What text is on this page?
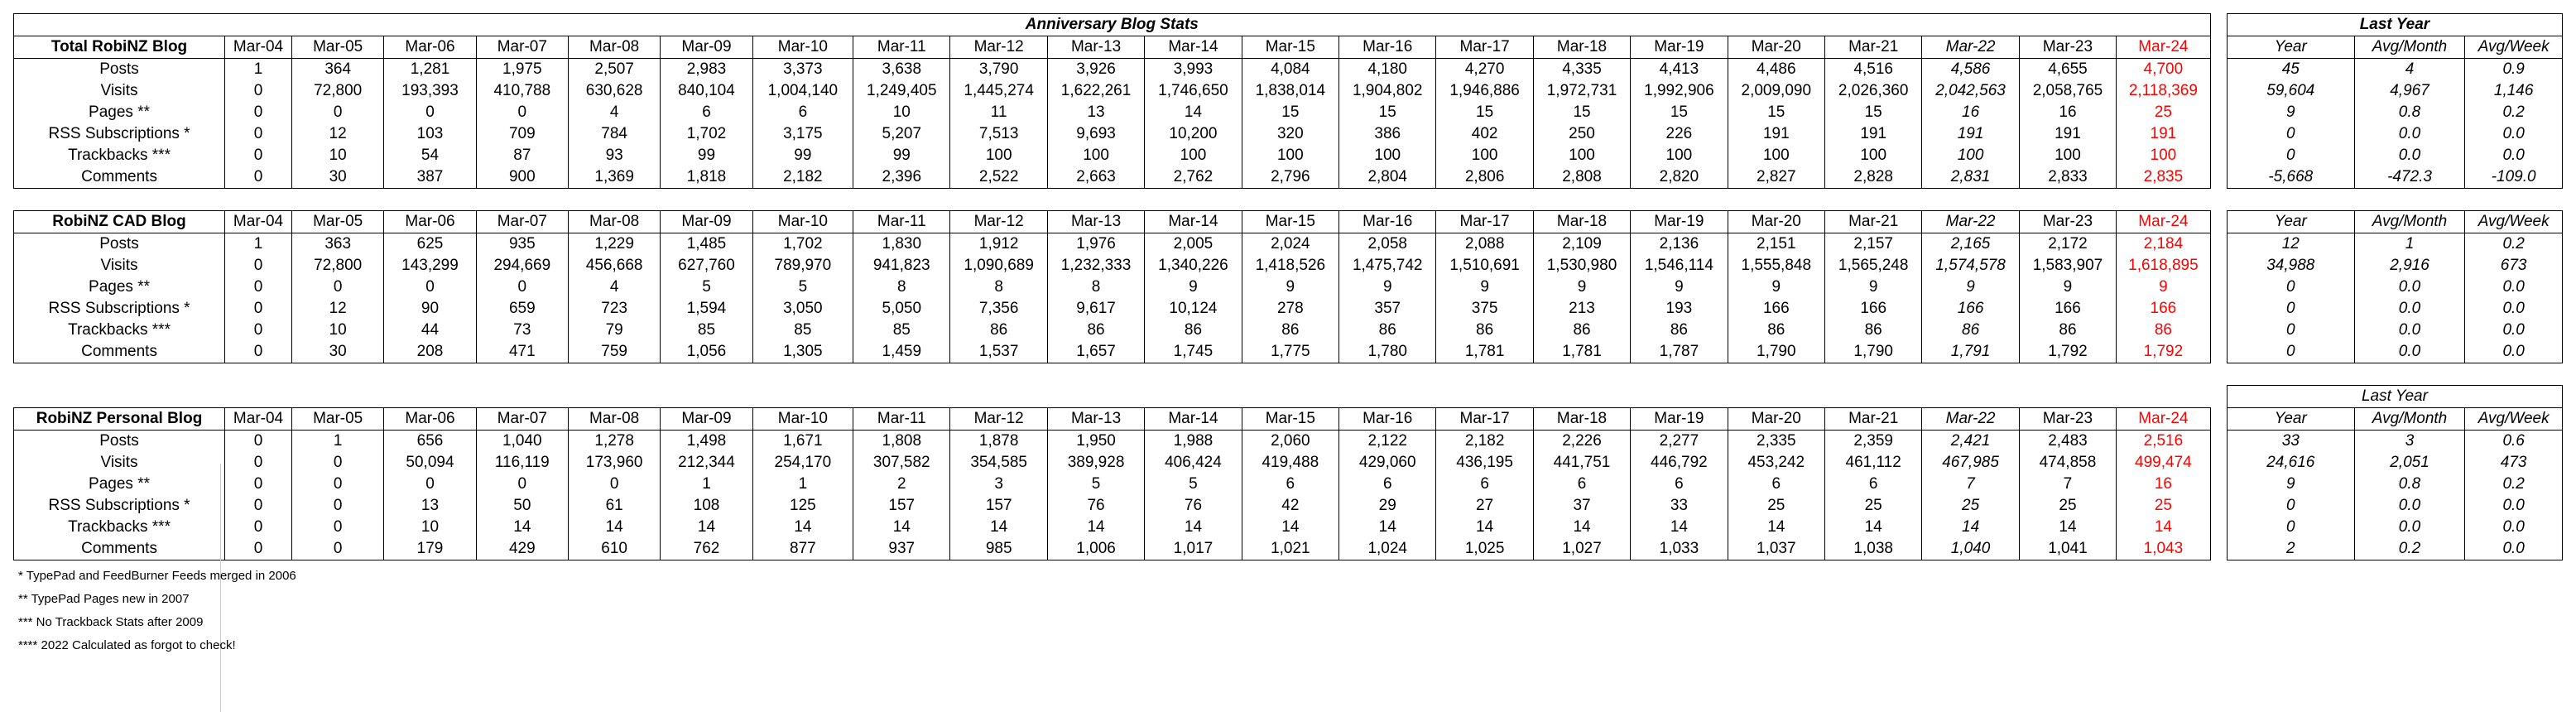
Anniversary Blog Stats																							Last Year		
Total RobiNZ Blog	Mar-04	Mar-05	Mar-06	Mar-07	Mar-08	Mar-09	Mar-10	Mar-11	Mar-12	Mar-13	Mar-14	Mar-15	Mar-16	Mar-17	Mar-18	Mar-19	Mar-20	Mar-21	Mar-22	Mar-23	Mar-24		Year	Avg/Month	Avg/Week
Posts	1	364	1,281	1,975	2,507	2,983	3,373	3,638	3,790	3,926	3,993	4,084	4,180	4,270	4,335	4,413	4,486	4,516	4,586	4,655	4,700		45	4	0.9
Visits	0	72,800	193,393	410,788	630,628	840,104	1,004,140	1,249,405	1,445,274	1,622,261	1,746,650	1,838,014	1,904,802	1,946,886	1,972,731	1,992,906	2,009,090	2,026,360	2,042,563	2,058,765	2,118,369		59,604	4,967	1,146
Pages **	0	0	0	0	4	6	6	10	11	13	14	15	15	15	15	15	15	15	16	16	25		9	0.8	0.2
RSS Subscriptions *	0	12	103	709	784	1,702	3,175	5,207	7,513	9,693	10,200	320	386	402	250	226	191	191	191	191	191		0	0.0	0.0
Trackbacks ***	0	10	54	87	93	99	99	99	100	100	100	100	100	100	100	100	100	100	100	100	100		0	0.0	0.0
Comments	0	30	387	900	1,369	1,818	2,182	2,396	2,522	2,663	2,762	2,796	2,804	2,806	2,808	2,820	2,827	2,828	2,831	2,833	2,835		-5,668	-472.3	-109.0

RobiNZ CAD Blog	Mar-04	Mar-05	Mar-06	Mar-07	Mar-08	Mar-09	Mar-10	Mar-11	Mar-12	Mar-13	Mar-14	Mar-15	Mar-16	Mar-17	Mar-18	Mar-19	Mar-20	Mar-21	Mar-22	Mar-23	Mar-24		Year	Avg/Month	Avg/Week
Posts	1	363	625	935	1,229	1,485	1,702	1,830	1,912	1,976	2,005	2,024	2,058	2,088	2,109	2,136	2,151	2,157	2,165	2,172	2,184		12	1	0.2
Visits	0	72,800	143,299	294,669	456,668	627,760	789,970	941,823	1,090,689	1,232,333	1,340,226	1,418,526	1,475,742	1,510,691	1,530,980	1,546,114	1,555,848	1,565,248	1,574,578	1,583,907	1,618,895		34,988	2,916	673
Pages **	0	0	0	0	4	5	5	8	8	8	9	9	9	9	9	9	9	9	9	9	9		0	0.0	0.0
RSS Subscriptions *	0	12	90	659	723	1,594	3,050	5,050	7,356	9,617	10,124	278	357	375	213	193	166	166	166	166	166		0	0.0	0.0
Trackbacks ***	0	10	44	73	79	85	85	85	86	86	86	86	86	86	86	86	86	86	86	86	86		0	0.0	0.0
Comments	0	30	208	471	759	1,056	1,305	1,459	1,537	1,657	1,745	1,775	1,780	1,781	1,781	1,787	1,790	1,790	1,791	1,792	1,792		0	0.0	0.0

																							Last Year		
RobiNZ Personal Blog	Mar-04	Mar-05	Mar-06	Mar-07	Mar-08	Mar-09	Mar-10	Mar-11	Mar-12	Mar-13	Mar-14	Mar-15	Mar-16	Mar-17	Mar-18	Mar-19	Mar-20	Mar-21	Mar-22	Mar-23	Mar-24		Year	Avg/Month	Avg/Week
Posts	0	1	656	1,040	1,278	1,498	1,671	1,808	1,878	1,950	1,988	2,060	2,122	2,182	2,226	2,277	2,335	2,359	2,421	2,483	2,516		33	3	0.6
Visits	0	0	50,094	116,119	173,960	212,344	254,170	307,582	354,585	389,928	406,424	419,488	429,060	436,195	441,751	446,792	453,242	461,112	467,985	474,858	499,474		24,616	2,051	473
Pages **	0	0	0	0	0	1	1	2	3	5	5	6	6	6	6	6	6	6	7	7	16		9	0.8	0.2
RSS Subscriptions *	0	0	13	50	61	108	125	157	157	76	76	42	29	27	37	33	25	25	25	25	25		0	0.0	0.0
Trackbacks ***	0	0	10	14	14	14	14	14	14	14	14	14	14	14	14	14	14	14	14	14	14		0	0.0	0.0
Comments	0	0	179	429	610	762	877	937	985	1,006	1,017	1,021	1,024	1,025	1,027	1,033	1,037	1,038	1,040	1,041	1,043		2	0.2	0.0
* TypePad and FeedBurner Feeds merged in 2006
** TypePad Pages new in 2007
*** No Trackback Stats after 2009
**** 2022 Calculated as forgot to check!
